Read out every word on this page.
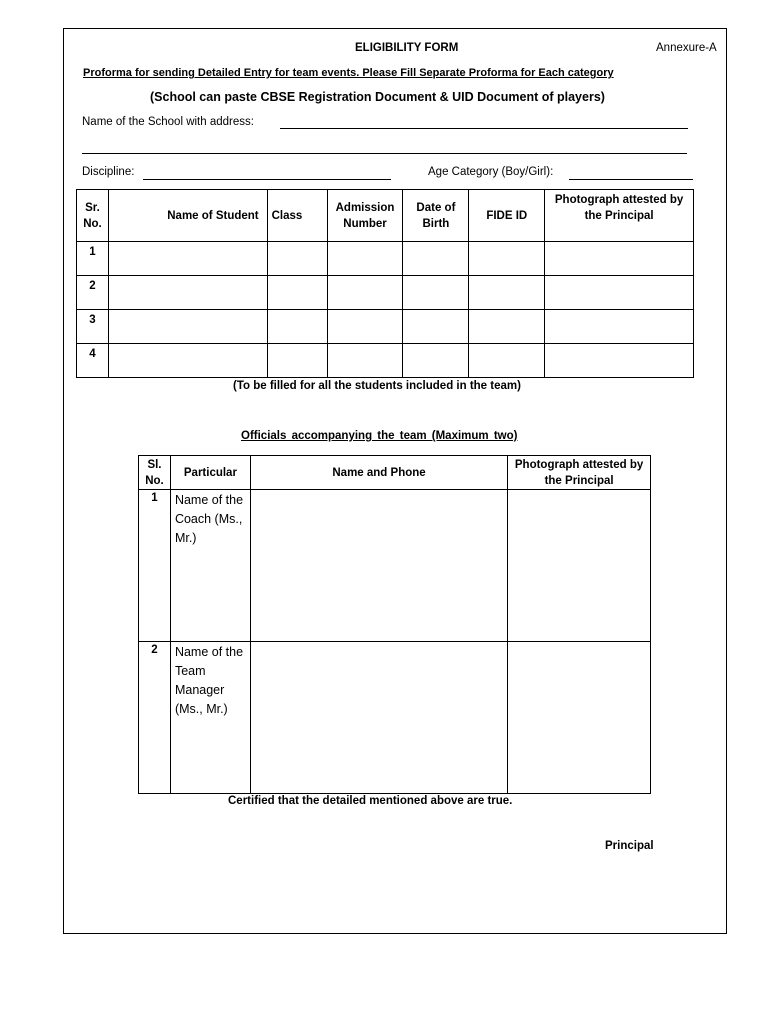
ELIGIBILITY FORM	Annexure-A
Proforma for sending Detailed Entry for team events. Please Fill Separate Proforma for Each category
(School can paste CBSE Registration Document & UID Document of players)
Name of the School with address:
Discipline:	Age Category (Boy/Girl):
Sr. No.	Name of Student	Class	Admission Number	Date of Birth	FIDE ID	Photograph attested by the Principal
1						
2						
3						
4						
(To be filled for all the students included in the team)
Officials accompanying the team (Maximum two)
Sl. No.	Particular	Name and Phone	Photograph attested by the Principal
1	Name of the Coach (Ms., Mr.)		
2	Name of the Team Manager (Ms., Mr.)		
Certified that the detailed mentioned above are true.
Principal
